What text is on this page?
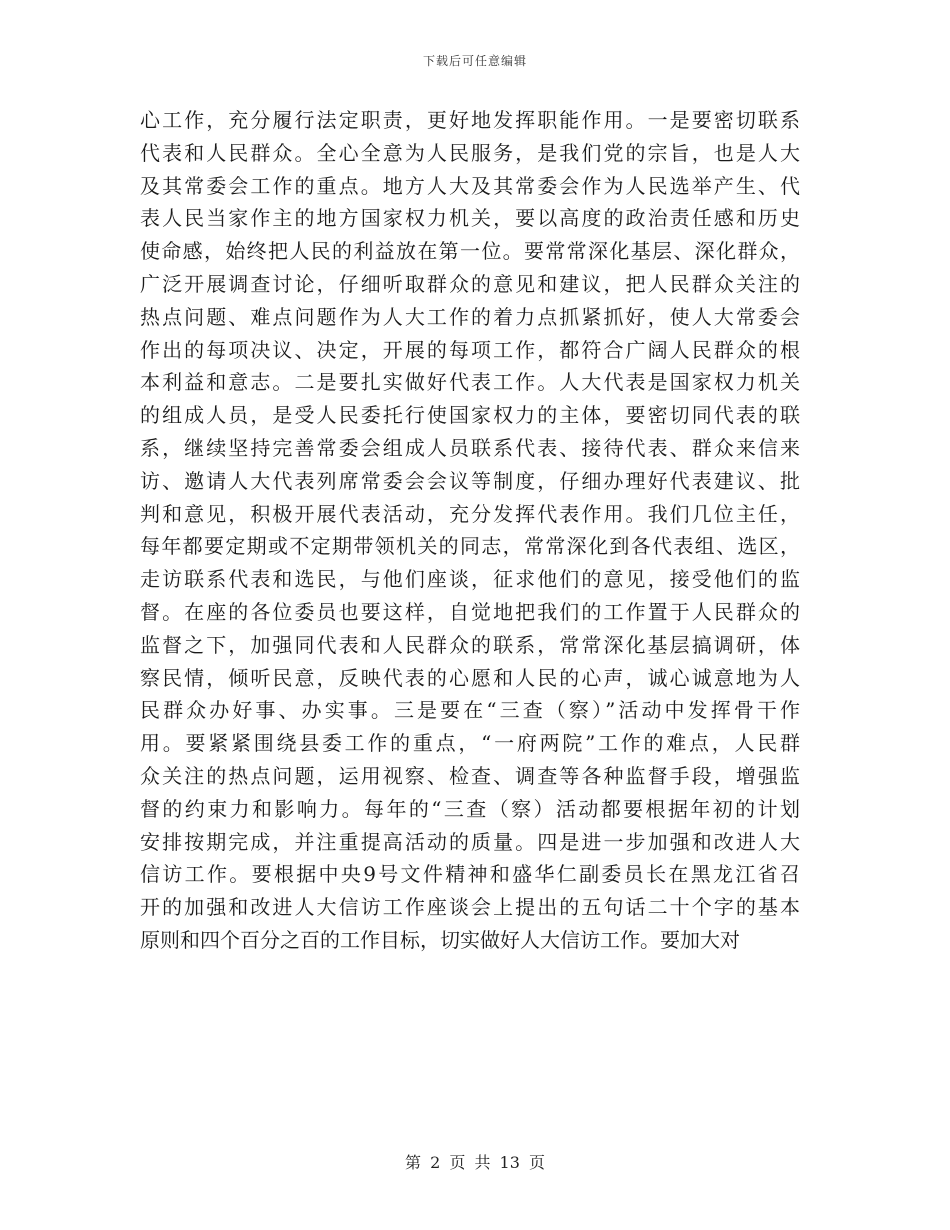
下载后可任意编辑
心工作，充分履行法定职责，更好地发挥职能作用。一是要密切联系
代表和人民群众。全心全意为人民服务，是我们党的宗旨，也是人大
及其常委会工作的重点。地方人大及其常委会作为人民选举产生、代
表人民当家作主的地方国家权力机关，要以高度的政治责任感和历史
使命感，始终把人民的利益放在第一位。要常常深化基层、深化群众，
广泛开展调查讨论，仔细听取群众的意见和建议，把人民群众关注的
热点问题、难点问题作为人大工作的着力点抓紧抓好，使人大常委会
作出的每项决议、决定，开展的每项工作，都符合广阔人民群众的根
本利益和意志。二是要扎实做好代表工作。人大代表是国家权力机关
的组成人员，是受人民委托行使国家权力的主体，要密切同代表的联
系，继续坚持完善常委会组成人员联系代表、接待代表、群众来信来
访、邀请人大代表列席常委会会议等制度，仔细办理好代表建议、批
判和意见，积极开展代表活动，充分发挥代表作用。我们几位主任，
每年都要定期或不定期带领机关的同志，常常深化到各代表组、选区，
走访联系代表和选民，与他们座谈，征求他们的意见，接受他们的监
督。在座的各位委员也要这样，自觉地把我们的工作置于人民群众的
监督之下，加强同代表和人民群众的联系，常常深化基层搞调研，体
察民情，倾听民意，反映代表的心愿和人民的心声，诚心诚意地为人
民群众办好事、办实事。三是要在“三查（察）”活动中发挥骨干作
用。要紧紧围绕县委工作的重点，“一府两院”工作的难点，人民群
众关注的热点问题，运用视察、检查、调查等各种监督手段，增强监
督的约束力和影响力。每年的“三查（察）活动都要根据年初的计划
安排按期完成，并注重提高活动的质量。四是进一步加强和改进人大
信访工作。要根据中央9号文件精神和盛华仁副委员长在黑龙江省召
开的加强和改进人大信访工作座谈会上提出的五句话二十个字的基本
原则和四个百分之百的工作目标，切实做好人大信访工作。要加大对
第 2 页 共 13 页
